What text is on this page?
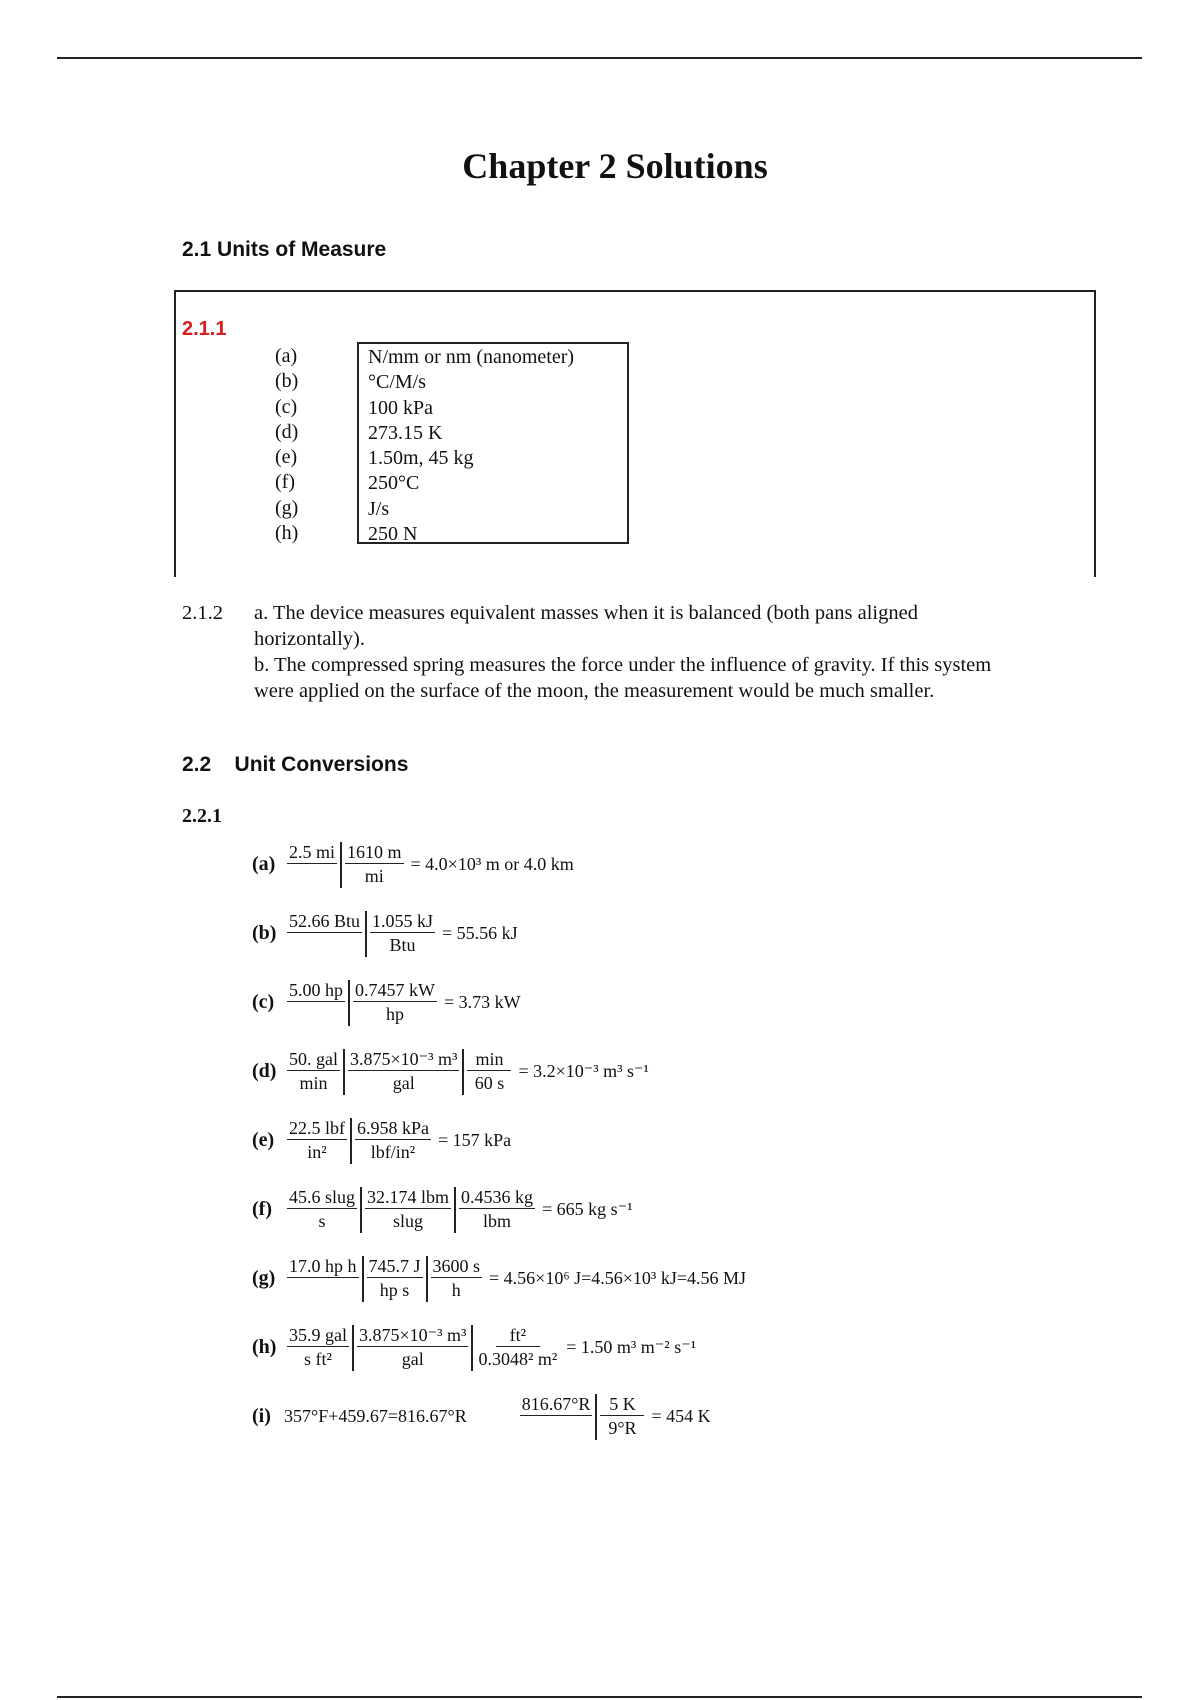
Chapter 2 Solutions
2.1 Units of Measure
2.1.1
(a)
(b)
(c)
(d)
(e)
(f)
(g)
(h)
N/mm or nm (nanometer)
°C/M/s
100 kPa
273.15 K
1.50m, 45 kg
250°C
J/s
250 N
2.1.2 a. The device measures equivalent masses when it is balanced (both pans aligned horizontally).
b. The compressed spring measures the force under the influence of gravity. If this system were applied on the surface of the moon, the measurement would be much smaller.
2.2    Unit Conversions
2.2.1
(a)
2.5 mi $\frac{1610 m}{mi} = 4.0\times 10^3$ m or 4.0 km
(b)
52.66 Btu 1.055 kJ
Btu
= 55.56 kJ
(c)
5.00 hp $\frac{0.7457 kW}{hp} = 3.73$ kW
(d)
50. gal
min
3.875×10⁻³ m³
gal
min
60 s
= 3.2×10⁻³ m³ s⁻¹
(e)
22.5 lbf
in²
6.958 kPa
lbf/in²
= 157 kPa
(f)
45.6 slug
s
32.174 lbm
slug
0.4536 kg
lbm
= 665 kg s⁻¹
(g)
17.0 hp h $\frac{745.7 J}{\text{hp s}} \frac{3600 s}{h} = 4.56\times 10^6$ J=4.56×10³ kJ=4.56 MJ
(h)
35.9 gal
s ft²
3.875×10⁻³ m³
gal	$\frac{\text{ft²}}{\text{0.3048² m²}} = 1.50$ m³ m⁻² s⁻¹
(i) 357°F+459.67=816.67°R
$816.67^\circ R \frac{5 K}{9^\circ R} = 454$ K
